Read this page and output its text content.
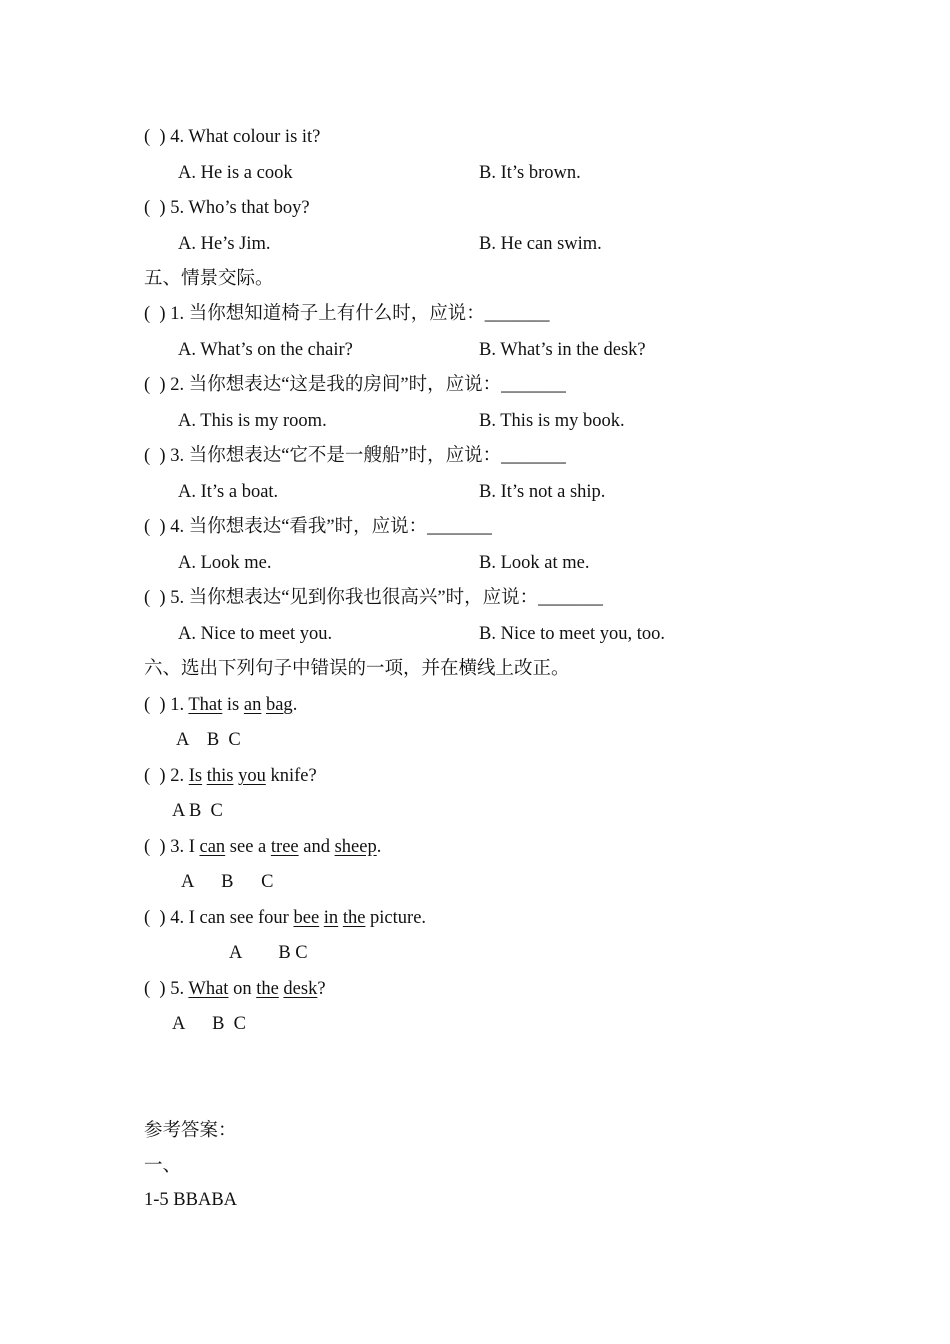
(  ) 4. What colour is it?
A. He is a cook	B. It’s brown.
(  ) 5. Who’s that boy?
A. He’s Jim.	B. He can swim.
五、情景交际。
(  ) 1. 当你想知道椅子上有什么时，应说：_______
A. What’s on the chair?	B. What’s in the desk?
(  ) 2. 当你想表达“这是我的房间”时，应说：_______
A. This is my room.	B. This is my book.
(  ) 3. 当你想表达“它不是一艘船”时，应说：_______
A. It’s a boat.	B. It’s not a ship.
(  ) 4. 当你想表达“看我”时，应说：_______
A. Look me.	B. Look at me.
(  ) 5. 当你想表达“见到你我也很高兴”时，应说：_______
A. Nice to meet you.	B. Nice to meet you, too.
六、选出下列句子中错误的一项，并在横线上改正。
(  ) 1. That is an bag.
A    B  C
(  ) 2. Is this you knife?
A B  C
(  ) 3. I can see a tree and sheep.
A      B      C
(  ) 4. I can see four bee in the picture.
A        B C
(  ) 5. What on the desk?
A      B  C
参考答案：
一、
1-5 BBABA
